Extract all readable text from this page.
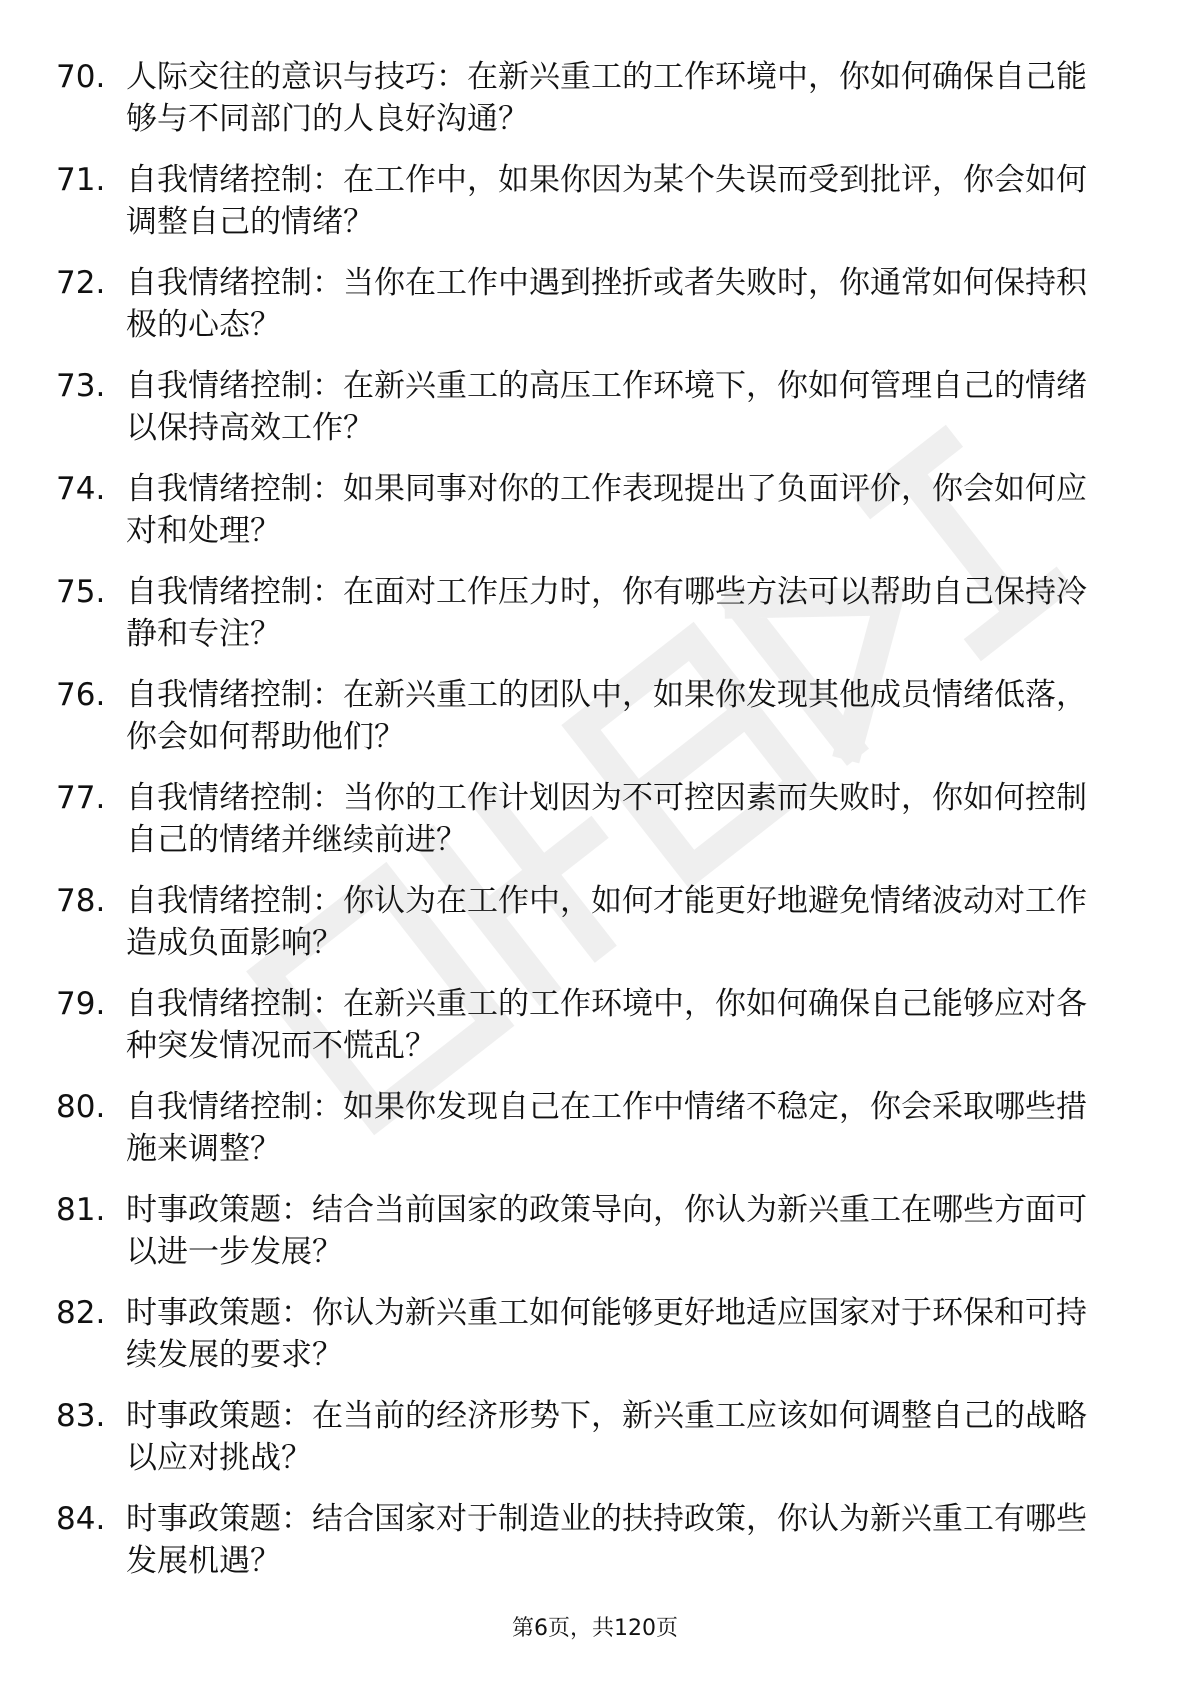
70. 人际交往的意识与技巧：在新兴重工的工作环境中，你如何确保自己能够与不同部门的人良好沟通？
71. 自我情绪控制：在工作中，如果你因为某个失误而受到批评，你会如何调整自己的情绪？
72. 自我情绪控制：当你在工作中遇到挫折或者失败时，你通常如何保持积极的心态？
73. 自我情绪控制：在新兴重工的高压工作环境下，你如何管理自己的情绪以保持高效工作？
74. 自我情绪控制：如果同事对你的工作表现提出了负面评价，你会如何应对和处理？
75. 自我情绪控制：在面对工作压力时，你有哪些方法可以帮助自己保持冷静和专注？
76. 自我情绪控制：在新兴重工的团队中，如果你发现其他成员情绪低落，你会如何帮助他们？
77. 自我情绪控制：当你的工作计划因为不可控因素而失败时，你如何控制自己的情绪并继续前进？
78. 自我情绪控制：你认为在工作中，如何才能更好地避免情绪波动对工作造成负面影响？
79. 自我情绪控制：在新兴重工的工作环境中，你如何确保自己能够应对各种突发情况而不慌乱？
80. 自我情绪控制：如果你发现自己在工作中情绪不稳定，你会采取哪些措施来调整？
81. 时事政策题：结合当前国家的政策导向，你认为新兴重工在哪些方面可以进一步发展？
82. 时事政策题：你认为新兴重工如何能够更好地适应国家对于环保和可持续发展的要求？
83. 时事政策题：在当前的经济形势下，新兴重工应该如何调整自己的战略以应对挑战？
84. 时事政策题：结合国家对于制造业的扶持政策，你认为新兴重工有哪些发展机遇？
第6页，共120页
